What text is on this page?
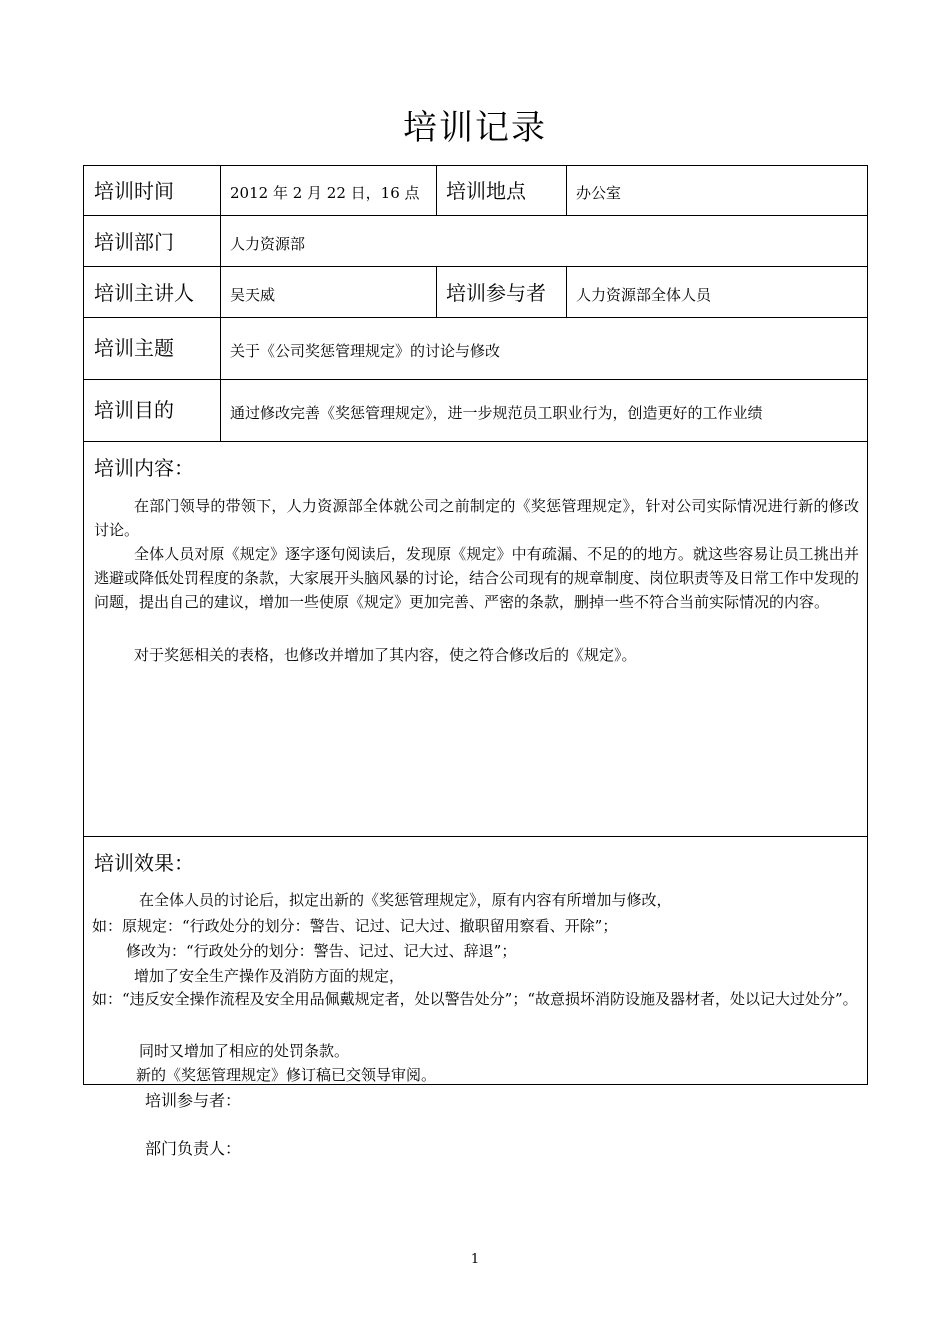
培训记录
培训时间	2012 年 2 月 22 日，16 点 培训地点	办公室
培训部门	人力资源部
培训主讲人 吴天威	培训参与者 人力资源部全体人员
培训主题	关于《公司奖惩管理规定》的讨论与修改
培训目的	通过修改完善《奖惩管理规定》，进一步规范员工职业行为，创造更好的工作业绩
培训内容：

在部门领导的带领下，人力资源部全体就公司之前制定的《奖惩管理规定》，针对公司实际情况进行新的修改讨论。

全体人员对原《规定》逐字逐句阅读后，发现原《规定》中有疏漏、不足的的地方。就这些容易让员工挑出并逃避或降低处罚程度的条款，大家展开头脑风暴的讨论，结合公司现有的规章制度、岗位职责等及日常工作中发现的问题，提出自己的建议，增加一些使原《规定》更加完善、严密的条款，删掉一些不符合当前实际情况的内容。

对于奖惩相关的表格，也修改并增加了其内容，使之符合修改后的《规定》。

培训效果：
在全体人员的讨论后，拟定出新的《奖惩管理规定》，原有内容有所增加与修改，
如：原规定：“行政处分的划分：警告、记过、记大过、撤职留用察看、开除”；
修改为：“行政处分的划分：警告、记过、记大过、辞退”；
增加了安全生产操作及消防方面的规定，

如：“违反安全操作流程及安全用品佩戴规定者，处以警告处分”；“故意损坏消防设施及器材者，处以记大过处分”。

同时又增加了相应的处罚条款。
新的《奖惩管理规定》修订稿已交领导审阅。
培训参与者：
部门负责人：
1
